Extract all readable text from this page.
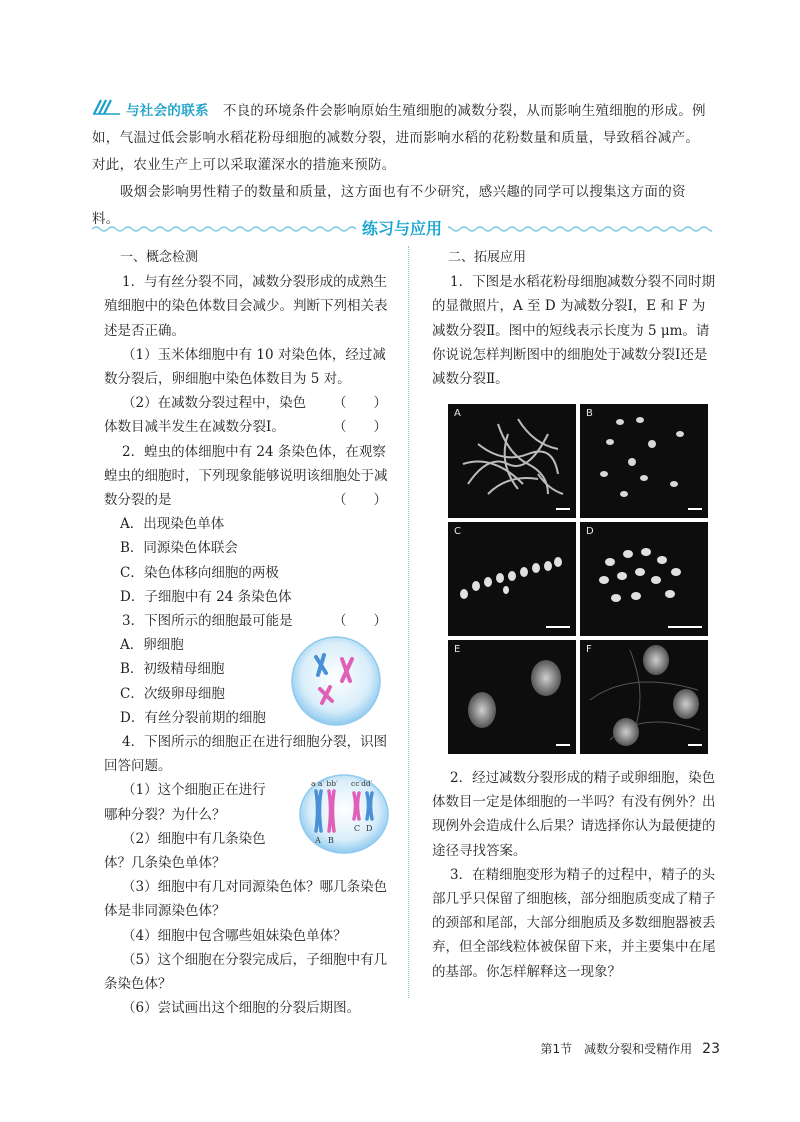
与社会的联系 不良的环境条件会影响原始生殖细胞的减数分裂，从而影响生殖细胞的形成。例如，气温过低会影响水稻花粉母细胞的减数分裂，进而影响水稻的花粉数量和质量，导致稻谷减产。对此，农业生产上可以采取灌深水的措施来预防。

吸烟会影响男性精子的数量和质量，这方面也有不少研究，感兴趣的同学可以搜集这方面的资料。	练习与应用

一、概念检测

1．与有丝分裂不同，减数分裂形成的成熟生殖细胞中的染色体数目会减少。判断下列相关表述是否正确。

（1）玉米体细胞中有 10 对染色体，经过减数分裂后，卵细胞中染色体数目为 5 对。
（　　）

（2）在减数分裂过程中，染色体数目减半发生在减数分裂Ⅰ。	（　　）

2．蝗虫的体细胞中有 24 条染色体，在观察蝗虫的细胞时，下列现象能够说明该细胞处于减数分裂的是	（　　）

A．出现染色单体

B．同源染色体联会

C．染色体移向细胞的两极

D．子细胞中有 24 条染色体

3．下图所示的细胞最可能是	（　　）

A．卵细胞

B．初级精母细胞

C．次级卵母细胞

D．有丝分裂前期的细胞

4．下图所示的细胞正在进行细胞分裂，识图回答问题。

（1）这个细胞正在进行

哪种分裂？为什么？

（2）细胞中有几条染色

体？几条染色单体？

（3）细胞中有几对同源染色体？哪几条染色体是非同源染色体？

（4）细胞中包含哪些姐妹染色单体？

（5）这个细胞在分裂完成后，子细胞中有几条染色体？

（6）尝试画出这个细胞的分裂后期图。

a a′ bb′ cc′dd′
A B
C D

二、拓展应用

1．下图是水稻花粉母细胞减数分裂不同时期的显微照片，A 至 D 为减数分裂Ⅰ，E 和 F 为减数分裂Ⅱ。图中的短线表示长度为 5 μm。请你说说怎样判断图中的细胞处于减数分裂Ⅰ还是减数分裂Ⅱ。

A	B
C	D
E	F

2．经过减数分裂形成的精子或卵细胞，染色体数目一定是体细胞的一半吗？有没有例外？出现例外会造成什么后果？请选择你认为最便捷的途径寻找答案。

3．在精细胞变形为精子的过程中，精子的头部几乎只保留了细胞核，部分细胞质变成了精子的颈部和尾部，大部分细胞质及多数细胞器被丢弃，但全部线粒体被保留下来，并主要集中在尾的基部。你怎样解释这一现象？

第1节　减数分裂和受精作用 23
